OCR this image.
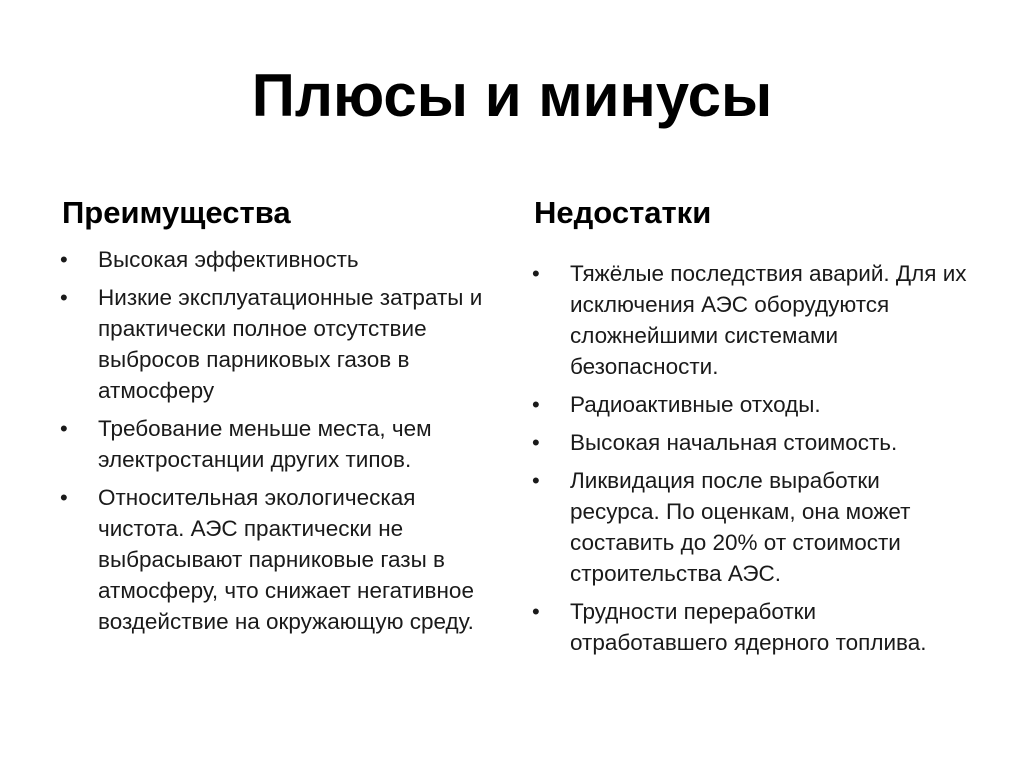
Плюсы и минусы
Преимущества
• Высокая эффективность
• Низкие эксплуатационные затраты и практически полное отсутствие выбросов парниковых газов в атмосферу
• Требование меньше места, чем электростанции других типов.
• Относительная экологическая чистота. АЭС практически не выбрасывают парниковые газы в атмосферу, что снижает негативное воздействие на окружающую среду.
Недостатки
• Тяжёлые последствия аварий. Для их исключения АЭС оборудуются сложнейшими системами безопасности.
• Радиоактивные отходы.
• Высокая начальная стоимость.
• Ликвидация после выработки ресурса. По оценкам, она может составить до 20% от стоимости строительства АЭС.
• Трудности переработки отработавшего ядерного топлива.
